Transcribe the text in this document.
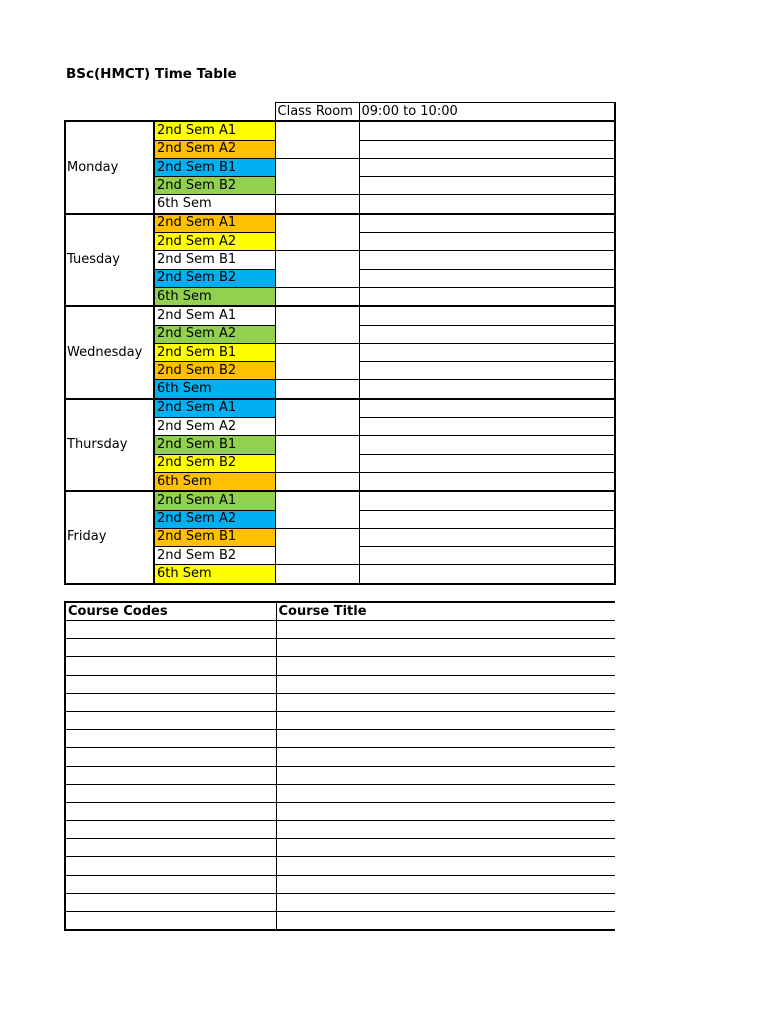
BSc(HMCT) Time Table
		Class Room	09:00 to 10:00
Monday	2nd Sem A1		
	2nd Sem A2		
	2nd Sem B1		
	2nd Sem B2		
	6th Sem		
Tuesday	2nd Sem A1		
	2nd Sem A2		
	2nd Sem B1		
	2nd Sem B2		
	6th Sem		
Wednesday	2nd Sem A1		
	2nd Sem A2		
	2nd Sem B1		
	2nd Sem B2		
	6th Sem		
Thursday	2nd Sem A1		
	2nd Sem A2		
	2nd Sem B1		
	2nd Sem B2		
	6th Sem		
Friday	2nd Sem A1		
	2nd Sem A2		
	2nd Sem B1		
	2nd Sem B2		
	6th Sem		
Course Codes	Course Title
